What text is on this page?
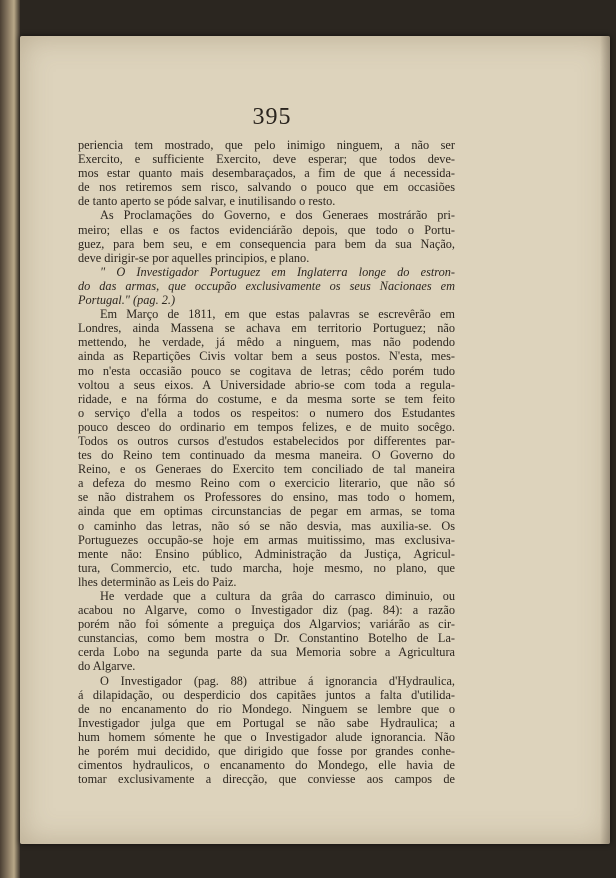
395
periencia tem mostrado, que pelo inimigo ninguem, a não ser
Exercito, e sufficiente Exercito, deve esperar; que todos deve-
mos estar quanto mais desembaraçados, a fim de que á necessida-
de nos retiremos sem risco, salvando o pouco que em occasiões
de tanto aperto se póde salvar, e inutilisando o resto.
As Proclamações do Governo, e dos Generaes mostrárão pri-
meiro; ellas e os factos evidenciárão depois, que todo o Portu-
guez, para bem seu, e em consequencia para bem da sua Nação,
deve dirigir-se por aquelles principios, e plano.
" O Investigador Portuguez em Inglaterra longe do estron-
do das armas, que occupão exclusivamente os seus Nacionaes em
Portugal." (pag. 2.)
Em Março de 1811, em que estas palavras se escrevêrão em
Londres, ainda Massena se achava em territorio Portuguez; não
mettendo, he verdade, já mêdo a ninguem, mas não podendo
ainda as Repartições Civis voltar bem a seus postos. N'esta, mes-
mo n'esta occasião pouco se cogitava de letras; cêdo porém tudo
voltou a seus eixos. A Universidade abrio-se com toda a regula-
ridade, e na fórma do costume, e da mesma sorte se tem feito
o serviço d'ella a todos os respeitos: o numero dos Estudantes
pouco desceo do ordinario em tempos felizes, e de muito socêgo.
Todos os outros cursos d'estudos estabelecidos por differentes par-
tes do Reino tem continuado da mesma maneira. O Governo do
Reino, e os Generaes do Exercito tem conciliado de tal maneira
a defeza do mesmo Reino com o exercicio literario, que não só
se não distrahem os Professores do ensino, mas todo o homem,
ainda que em optimas circunstancias de pegar em armas, se toma
o caminho das letras, não só se não desvia, mas auxilia-se. Os
Portuguezes occupão-se hoje em armas muitissimo, mas exclusiva-
mente não: Ensino público, Administração da Justiça, Agricul-
tura, Commercio, etc. tudo marcha, hoje mesmo, no plano, que
lhes determinão as Leis do Paiz.
He verdade que a cultura da grâa do carrasco diminuio, ou
acabou no Algarve, como o Investigador diz (pag. 84): a razão
porém não foi sómente a preguiça dos Algarvios; variárão as cir-
cunstancias, como bem mostra o Dr. Constantino Botelho de La-
cerda Lobo na segunda parte da sua Memoria sobre a Agricultura
do Algarve.
O Investigador (pag. 88) attribue á ignorancia d'Hydraulica,
á dilapidação, ou desperdicio dos capitães juntos a falta d'utilida-
de no encanamento do rio Mondego. Ninguem se lembre que o
Investigador julga que em Portugal se não sabe Hydraulica; a
hum homem sómente he que o Investigador alude ignorancia. Não
he porém mui decidido, que dirigido que fosse por grandes conhe-
cimentos hydraulicos, o encanamento do Mondego, elle havia de
tomar exclusivamente a direcção, que conviesse aos campos de
